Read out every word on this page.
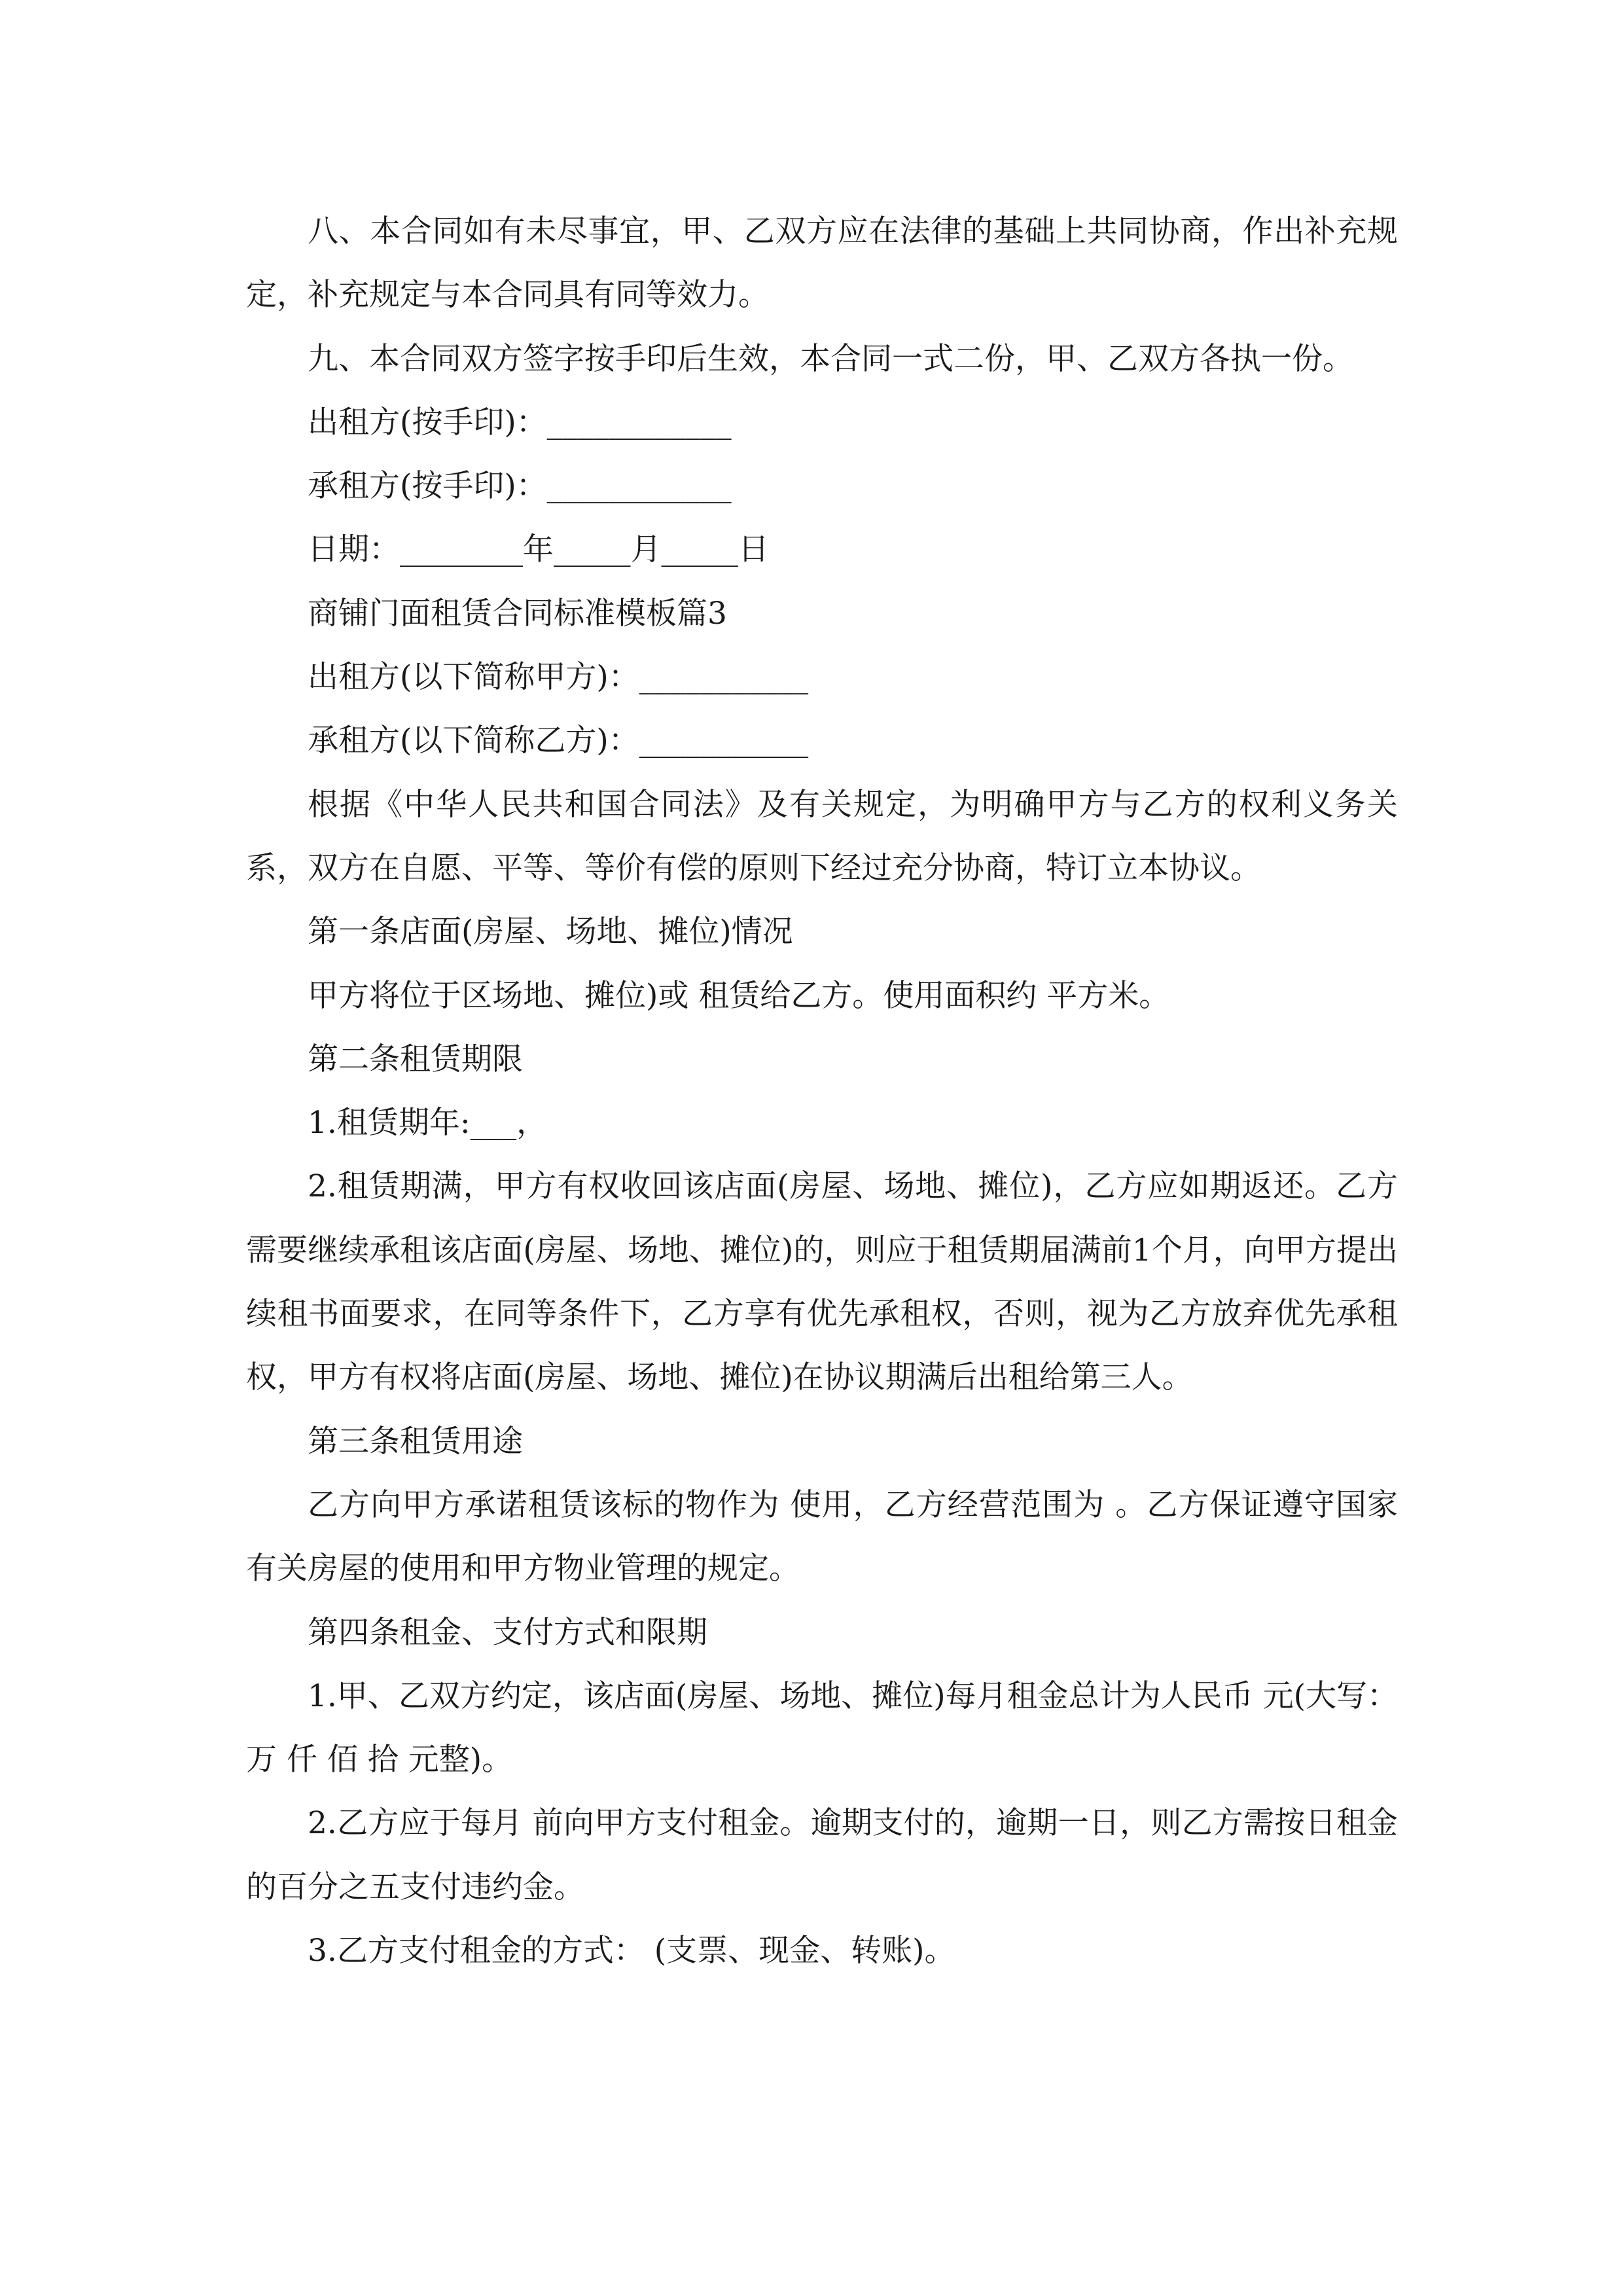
八、本合同如有未尽事宜，甲、乙双方应在法律的基础上共同协商，作出补充规定，补充规定与本合同具有同等效力。

九、本合同双方签字按手印后生效，本合同一式二份，甲、乙双方各执一份。

出租方(按手印)：____________

承租方(按手印)：____________

日期：________年_____月_____日

商铺门面租赁合同标准模板篇3

出租方(以下简称甲方)：___________

承租方(以下简称乙方)：___________

根据《中华人民共和国合同法》及有关规定，为明确甲方与乙方的权利义务关系，双方在自愿、平等、等价有偿的原则下经过充分协商，特订立本协议。

第一条店面(房屋、场地、摊位)情况

甲方将位于区场地、摊位)或 租赁给乙方。使用面积约 平方米。

第二条租赁期限

1.租赁期年:___，

2.租赁期满，甲方有权收回该店面(房屋、场地、摊位)，乙方应如期返还。乙方需要继续承租该店面(房屋、场地、摊位)的，则应于租赁期届满前1个月，向甲方提出续租书面要求，在同等条件下，乙方享有优先承租权，否则，视为乙方放弃优先承租权，甲方有权将店面(房屋、场地、摊位)在协议期满后出租给第三人。

第三条租赁用途

乙方向甲方承诺租赁该标的物作为 使用，乙方经营范围为 。乙方保证遵守国家有关房屋的使用和甲方物业管理的规定。

第四条租金、支付方式和限期

1.甲、乙双方约定，该店面(房屋、场地、摊位)每月租金总计为人民币 元(大写： 万 仟 佰 拾 元整)。

2.乙方应于每月 前向甲方支付租金。逾期支付的，逾期一日，则乙方需按日租金的百分之五支付违约金。

3.乙方支付租金的方式： (支票、现金、转账)。
